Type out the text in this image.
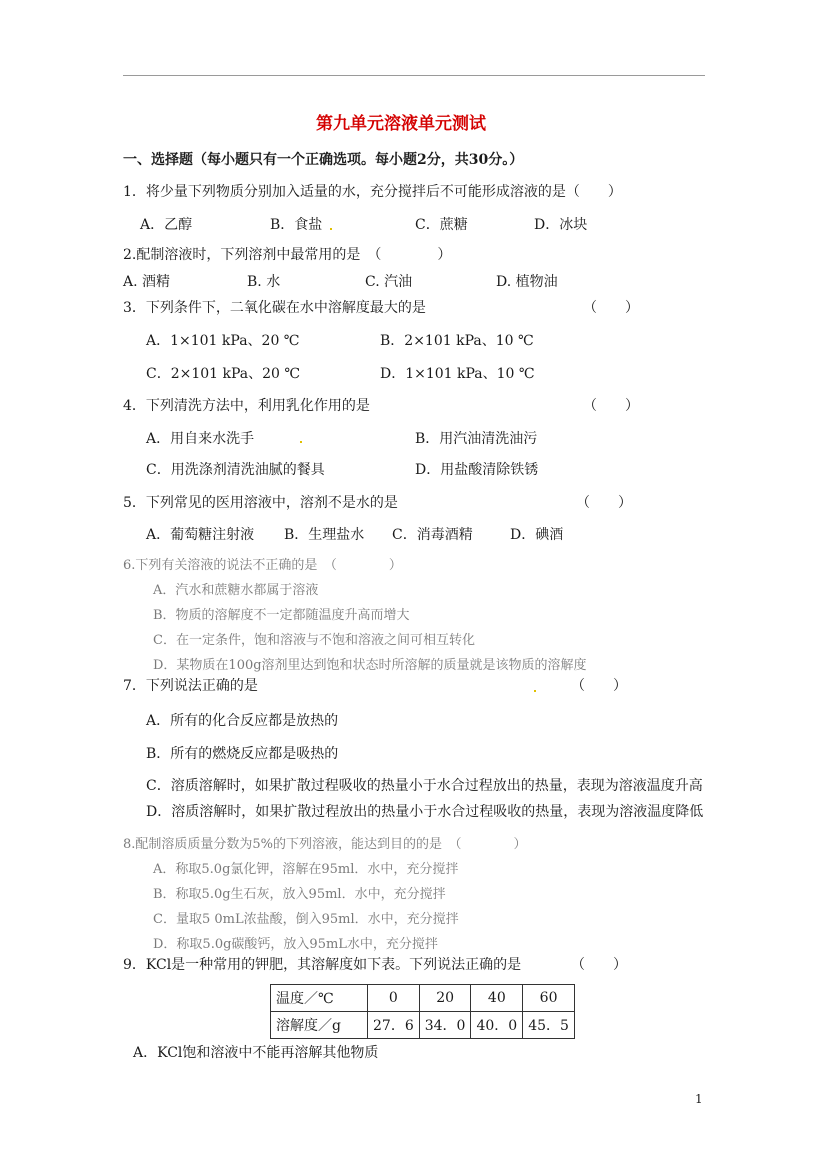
第九单元溶液单元测试
一、选择题（每小题只有一个正确选项。每小题2分，共30分。）
1．将少量下列物质分别加入适量的水，充分搅拌后不可能形成溶液的是（　　）
A．乙醇	B．食盐	C．蔗糖	D．冰块
2.配制溶液时，下列溶剂中最常用的是　（　　　　）
A. 酒精	B. 水	C. 汽油	D. 植物油
3．下列条件下，二氧化碳在水中溶解度最大的是	（　　）
A．1×101 kPa、20 ℃	B．2×101 kPa、10 ℃
C．2×101 kPa、20 ℃	D．1×101 kPa、10 ℃
4．下列清洗方法中，利用乳化作用的是	（　　）
A．用自来水洗手	B．用汽油清洗油污
C．用洗涤剂清洗油腻的餐具	D．用盐酸清除铁锈
5．下列常见的医用溶液中，溶剂不是水的是	（　　）
A．葡萄糖注射液 B．生理盐水 C．消毒酒精	D．碘酒
6.下列有关溶液的说法不正确的是　（　　　　）
A．汽水和蔗糖水都属于溶液
B．物质的溶解度不一定都随温度升高而增大
C．在一定条件，饱和溶液与不饱和溶液之间可相互转化
D．某物质在100g溶剂里达到饱和状态时所溶解的质量就是该物质的溶解度
7．下列说法正确的是	（　　）
A．所有的化合反应都是放热的
B．所有的燃烧反应都是吸热的
C．溶质溶解时，如果扩散过程吸收的热量小于水合过程放出的热量，表现为溶液温度升高
D．溶质溶解时，如果扩散过程放出的热量小于水合过程吸收的热量，表现为溶液温度降低
8.配制溶质质量分数为5%的下列溶液，能达到目的的是　（　　　　）
A．称取5.0g氯化钾，溶解在95ml．水中，充分搅拌
B．称取5.0g生石灰，放入95ml．水中，充分搅拌
C．量取5 0mL浓盐酸，倒入95ml．水中，充分搅拌
D．称取5.0g碳酸钙，放入95mL水中，充分搅拌
9．KCl是一种常用的钾肥，其溶解度如下表。下列说法正确的是	（　　）
温度／℃	0	20	40	60
溶解度／g	27．6	34．0	40．0	45．5
A．KCl饱和溶液中不能再溶解其他物质
1
